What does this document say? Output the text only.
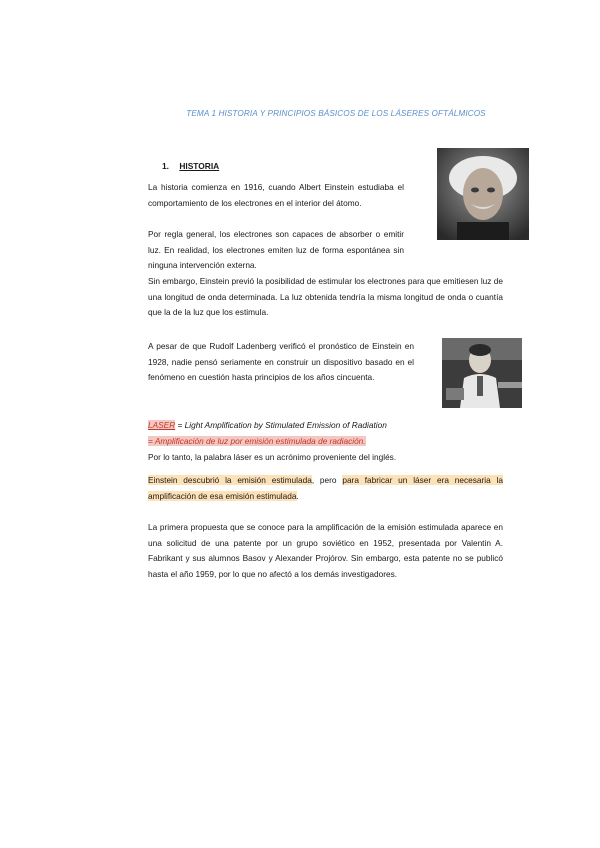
TEMA 1 HISTORIA Y PRINCIPIOS BÁSICOS DE LOS LÁSERES OFTÁLMICOS
1. HISTORIA

La historia comienza en 1916, cuando Albert Einstein estudiaba el comportamiento de los electrones en el interior del átomo.

Por regla general, los electrones son capaces de absorber o emitir luz. En realidad, los electrones emiten luz de forma espontánea sin ninguna intervención externa.

Sin embargo, Einstein previó la posibilidad de estimular los electrones para que emitiesen luz de una longitud de onda determinada. La luz obtenida tendría la misma longitud de onda o cuantía que la de la luz que los estimula.

A pesar de que Rudolf Ladenberg verificó el pronóstico de Einstein en 1928, nadie pensó seriamente en construir un dispositivo basado en el fenómeno en cuestión hasta principios de los años cincuenta.

LASER = Light Amplification by Stimulated Emission of Radiation
= Amplificación de luz por emisión estimulada de radiación.

Por lo tanto, la palabra láser es un acrónimo proveniente del inglés.

Einstein descubrió la emisión estimulada, pero para fabricar un láser era necesaria la amplificación de esa emisión estimulada.

La primera propuesta que se conoce para la amplificación de la emisión estimulada aparece en una solicitud de una patente por un grupo soviético en 1952, presentada por Valentin A. Fabrikant y sus alumnos Basov y Alexander Projórov. Sin embargo, esta patente no se publicó hasta el año 1959, por lo que no afectó a los demás investigadores.
